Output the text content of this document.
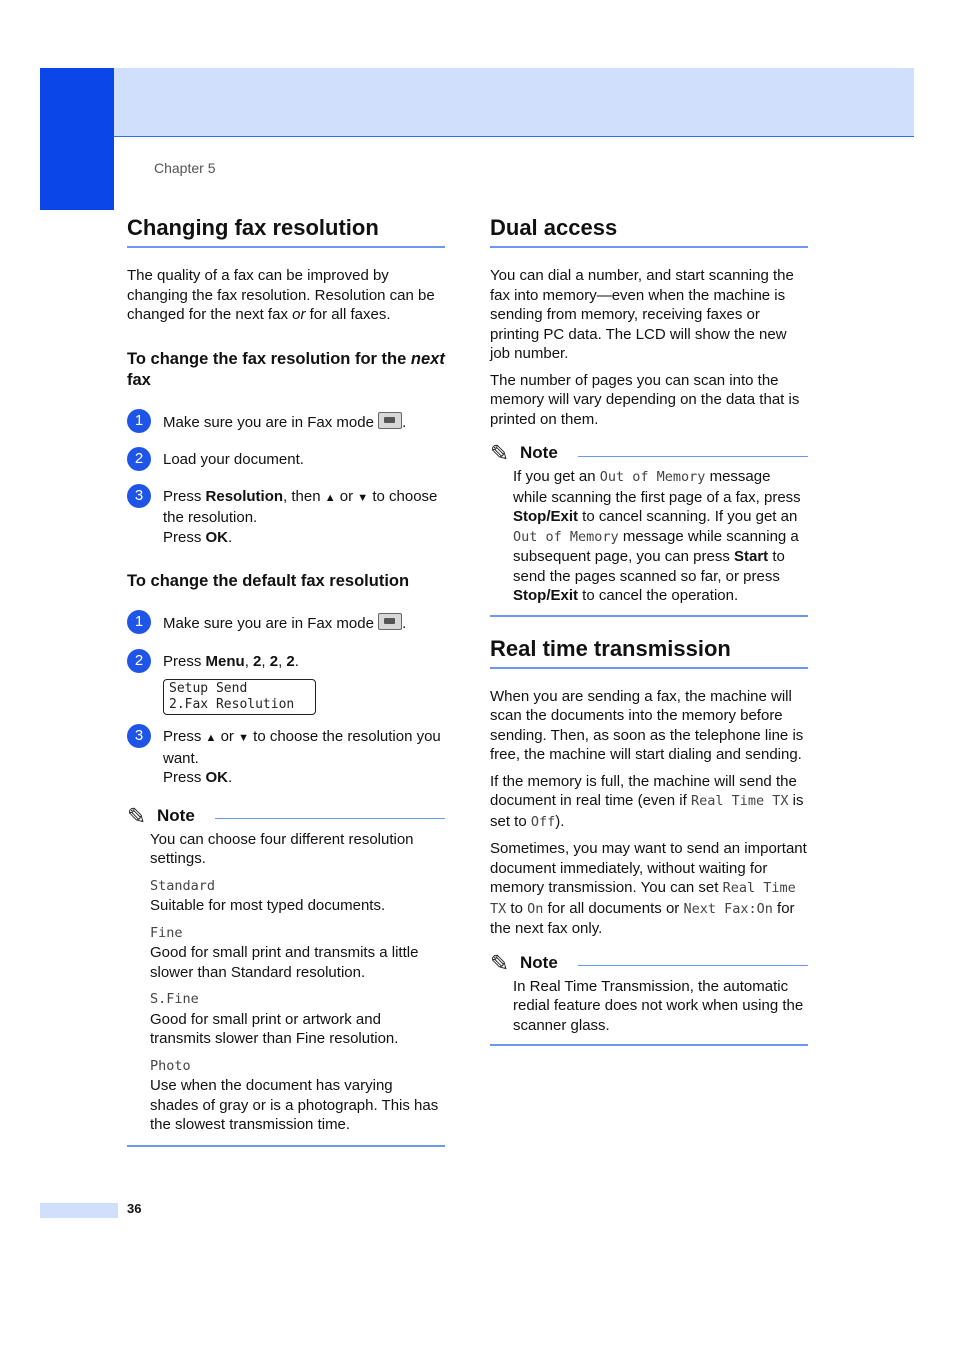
Chapter 5
Changing fax resolution

The quality of a fax can be improved by changing the fax resolution. Resolution can be changed for the next fax or for all faxes.

To change the fax resolution for the next fax
1	Make sure you are in Fax mode .
2	Load your document.
3	Press Resolution, then ▲ or ▼ to choose the resolution.
Press OK.
To change the default fax resolution
1	Make sure you are in Fax mode .
2	Press Menu, 2, 2, 2.
Setup Send
2.Fax Resolution
3	Press ▲ or ▼ to choose the resolution you want.
Press OK.
✎ Note

You can choose four different resolution settings.

Standard
Suitable for most typed documents.
Fine
Good for small print and transmits a little slower than Standard resolution.
S.Fine
Good for small print or artwork and transmits slower than Fine resolution.
Photo
Use when the document has varying shades of gray or is a photograph. This has the slowest transmission time.
Dual access

You can dial a number, and start scanning the fax into memory—even when the machine is sending from memory, receiving faxes or printing PC data. The LCD will show the new job number.

The number of pages you can scan into the memory will vary depending on the data that is printed on them.

✎ Note
If you get an Out of Memory message while scanning the first page of a fax, press Stop/Exit to cancel scanning. If you get an Out of Memory message while scanning a subsequent page, you can press Start to send the pages scanned so far, or press Stop/Exit to cancel the operation.
Real time transmission

When you are sending a fax, the machine will scan the documents into the memory before sending. Then, as soon as the telephone line is free, the machine will start dialing and sending.

If the memory is full, the machine will send the document in real time (even if Real Time TX is set to Off).

Sometimes, you may want to send an important document immediately, without waiting for memory transmission. You can set Real Time TX to On for all documents or Next Fax:On for the next fax only.

✎ Note
In Real Time Transmission, the automatic redial feature does not work when using the scanner glass.
36
